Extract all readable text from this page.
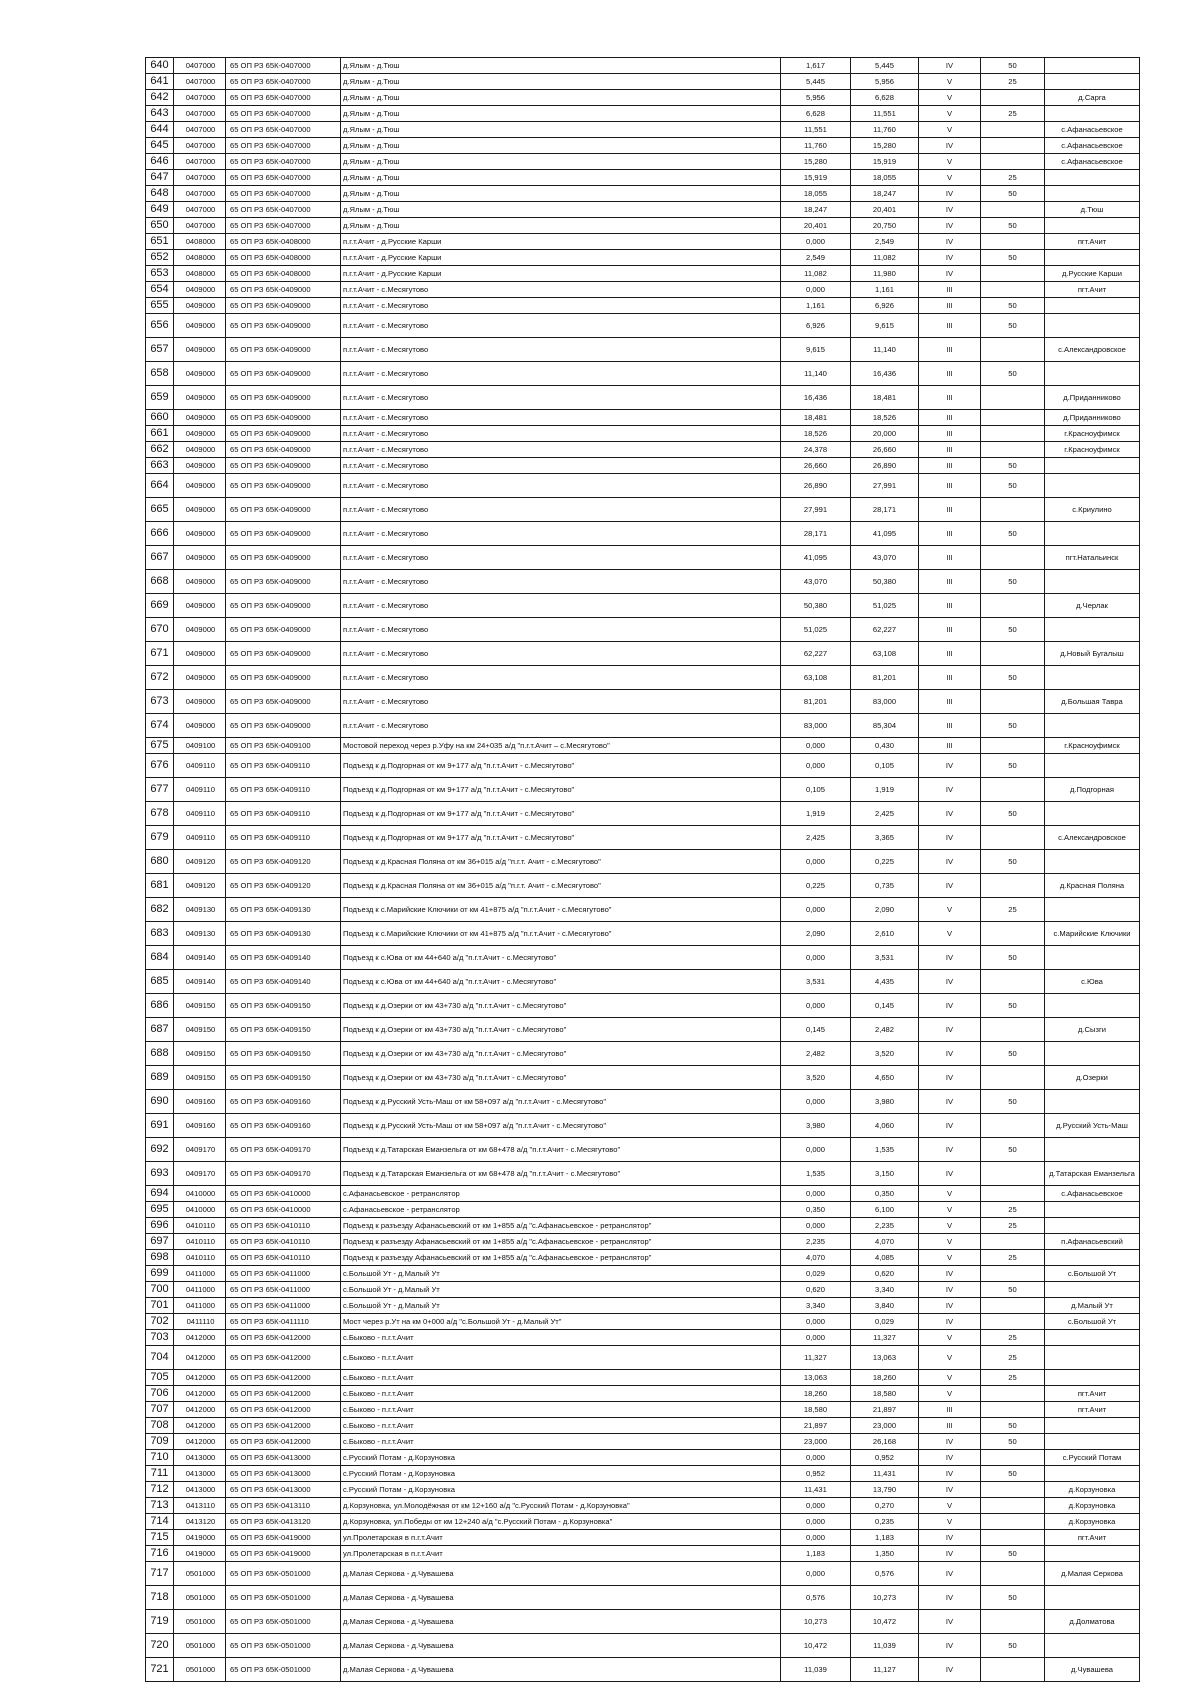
640	0407000	65 ОП РЗ 65К-0407000	д.Ялым - д.Тюш	1,617	5,445	IV	50	
641	0407000	65 ОП РЗ 65К-0407000	д.Ялым - д.Тюш	5,445	5,956	V	25	
642	0407000	65 ОП РЗ 65К-0407000	д.Ялым - д.Тюш	5,956	6,628	V		д.Сарга
643	0407000	65 ОП РЗ 65К-0407000	д.Ялым - д.Тюш	6,628	11,551	V	25	
644	0407000	65 ОП РЗ 65К-0407000	д.Ялым - д.Тюш	11,551	11,760	V		с.Афанасьевское
645	0407000	65 ОП РЗ 65К-0407000	д.Ялым - д.Тюш	11,760	15,280	IV		с.Афанасьевское
646	0407000	65 ОП РЗ 65К-0407000	д.Ялым - д.Тюш	15,280	15,919	V		с.Афанасьевское
647	0407000	65 ОП РЗ 65К-0407000	д.Ялым - д.Тюш	15,919	18,055	V	25	
648	0407000	65 ОП РЗ 65К-0407000	д.Ялым - д.Тюш	18,055	18,247	IV	50	
649	0407000	65 ОП РЗ 65К-0407000	д.Ялым - д.Тюш	18,247	20,401	IV		д.Тюш
650	0407000	65 ОП РЗ 65К-0407000	д.Ялым - д.Тюш	20,401	20,750	IV	50	
651	0408000	65 ОП РЗ 65К-0408000	п.г.т.Ачит - д.Русские Карши	0,000	2,549	IV		пгт.Ачит
652	0408000	65 ОП РЗ 65К-0408000	п.г.т.Ачит - д.Русские Карши	2,549	11,082	IV	50	
653	0408000	65 ОП РЗ 65К-0408000	п.г.т.Ачит - д.Русские Карши	11,082	11,980	IV		д.Русские Карши
654	0409000	65 ОП РЗ 65К-0409000	п.г.т.Ачит - с.Месягутово	0,000	1,161	III		пгт.Ачит
655	0409000	65 ОП РЗ 65К-0409000	п.г.т.Ачит - с.Месягутово	1,161	6,926	III	50	
656	0409000	65 ОП РЗ 65К-0409000	п.г.т.Ачит - с.Месягутово	6,926	9,615	III	50	
657	0409000	65 ОП РЗ 65К-0409000	п.г.т.Ачит - с.Месягутово	9,615	11,140	III		с.Александровское
658	0409000	65 ОП РЗ 65К-0409000	п.г.т.Ачит - с.Месягутово	11,140	16,436	III	50	
659	0409000	65 ОП РЗ 65К-0409000	п.г.т.Ачит - с.Месягутово	16,436	18,481	III		д.Приданниково
660	0409000	65 ОП РЗ 65К-0409000	п.г.т.Ачит - с.Месягутово	18,481	18,526	III		д.Приданниково
661	0409000	65 ОП РЗ 65К-0409000	п.г.т.Ачит - с.Месягутово	18,526	20,000	III		г.Красноуфимск
662	0409000	65 ОП РЗ 65К-0409000	п.г.т.Ачит - с.Месягутово	24,378	26,660	III		г.Красноуфимск
663	0409000	65 ОП РЗ 65К-0409000	п.г.т.Ачит - с.Месягутово	26,660	26,890	III	50	
664	0409000	65 ОП РЗ 65К-0409000	п.г.т.Ачит - с.Месягутово	26,890	27,991	III	50	
665	0409000	65 ОП РЗ 65К-0409000	п.г.т.Ачит - с.Месягутово	27,991	28,171	III		с.Криулино
666	0409000	65 ОП РЗ 65К-0409000	п.г.т.Ачит - с.Месягутово	28,171	41,095	III	50	
667	0409000	65 ОП РЗ 65К-0409000	п.г.т.Ачит - с.Месягутово	41,095	43,070	III		пгт.Натальинск
668	0409000	65 ОП РЗ 65К-0409000	п.г.т.Ачит - с.Месягутово	43,070	50,380	III	50	
669	0409000	65 ОП РЗ 65К-0409000	п.г.т.Ачит - с.Месягутово	50,380	51,025	III		д.Черлак
670	0409000	65 ОП РЗ 65К-0409000	п.г.т.Ачит - с.Месягутово	51,025	62,227	III	50	
671	0409000	65 ОП РЗ 65К-0409000	п.г.т.Ачит - с.Месягутово	62,227	63,108	III		д.Новый Бугалыш
672	0409000	65 ОП РЗ 65К-0409000	п.г.т.Ачит - с.Месягутово	63,108	81,201	III	50	
673	0409000	65 ОП РЗ 65К-0409000	п.г.т.Ачит - с.Месягутово	81,201	83,000	III		д.Большая Тавра
674	0409000	65 ОП РЗ 65К-0409000	п.г.т.Ачит - с.Месягутово	83,000	85,304	III	50	
675	0409100	65 ОП РЗ 65К-0409100	Мостовой переход через р.Уфу на км 24+035 а/д "п.г.т.Ачит – с.Месягутово"	0,000	0,430	III		г.Красноуфимск
676	0409110	65 ОП РЗ 65К-0409110	Подъезд к д.Подгорная от км 9+177 а/д "п.г.т.Ачит - с.Месягутово"	0,000	0,105	IV	50	
677	0409110	65 ОП РЗ 65К-0409110	Подъезд к д.Подгорная от км 9+177 а/д "п.г.т.Ачит - с.Месягутово"	0,105	1,919	IV		д.Подгорная
678	0409110	65 ОП РЗ 65К-0409110	Подъезд к д.Подгорная от км 9+177 а/д "п.г.т.Ачит - с.Месягутово"	1,919	2,425	IV	50	
679	0409110	65 ОП РЗ 65К-0409110	Подъезд к д.Подгорная от км 9+177 а/д "п.г.т.Ачит - с.Месягутово"	2,425	3,365	IV		с.Александровское
680	0409120	65 ОП РЗ 65К-0409120	Подъезд к д.Красная Поляна от км 36+015 а/д "п.г.т. Ачит - с.Месягутово"	0,000	0,225	IV	50	
681	0409120	65 ОП РЗ 65К-0409120	Подъезд к д.Красная Поляна от км 36+015 а/д "п.г.т. Ачит - с.Месягутово"	0,225	0,735	IV		д.Красная Поляна
682	0409130	65 ОП РЗ 65К-0409130	Подъезд к с.Марийские Ключики от км 41+875 а/д "п.г.т.Ачит - с.Месягутово"	0,000	2,090	V	25	
683	0409130	65 ОП РЗ 65К-0409130	Подъезд к с.Марийские Ключики от км 41+875 а/д "п.г.т.Ачит - с.Месягутово"	2,090	2,610	V		с.Марийские Ключики
684	0409140	65 ОП РЗ 65К-0409140	Подъезд к с.Юва от км 44+640 а/д "п.г.т.Ачит - с.Месягутово"	0,000	3,531	IV	50	
685	0409140	65 ОП РЗ 65К-0409140	Подъезд к с.Юва от км 44+640 а/д "п.г.т.Ачит - с.Месягутово"	3,531	4,435	IV		с.Юва
686	0409150	65 ОП РЗ 65К-0409150	Подъезд к д.Озерки от км 43+730 а/д "п.г.т.Ачит - с.Месягутово"	0,000	0,145	IV	50	
687	0409150	65 ОП РЗ 65К-0409150	Подъезд к д.Озерки от км 43+730 а/д "п.г.т.Ачит - с.Месягутово"	0,145	2,482	IV		д.Сызги
688	0409150	65 ОП РЗ 65К-0409150	Подъезд к д.Озерки от км 43+730 а/д "п.г.т.Ачит - с.Месягутово"	2,482	3,520	IV	50	
689	0409150	65 ОП РЗ 65К-0409150	Подъезд к д.Озерки от км 43+730 а/д "п.г.т.Ачит - с.Месягутово"	3,520	4,650	IV		д.Озерки
690	0409160	65 ОП РЗ 65К-0409160	Подъезд к д.Русский Усть-Маш от км 58+097 а/д "п.г.т.Ачит - с.Месягутово"	0,000	3,980	IV	50	
691	0409160	65 ОП РЗ 65К-0409160	Подъезд к д.Русский Усть-Маш от км 58+097 а/д "п.г.т.Ачит - с.Месягутово"	3,980	4,060	IV		д.Русский Усть-Маш
692	0409170	65 ОП РЗ 65К-0409170	Подъезд к д.Татарская Еманзельга от км 68+478 а/д "п.г.т.Ачит - с.Месягутово"	0,000	1,535	IV	50	
693	0409170	65 ОП РЗ 65К-0409170	Подъезд к д.Татарская Еманзельга от км 68+478 а/д "п.г.т.Ачит - с.Месягутово"	1,535	3,150	IV		д.Татарская Еманзельга
694	0410000	65 ОП РЗ 65К-0410000	с.Афанасьевское - ретранслятор	0,000	0,350	V		с.Афанасьевское
695	0410000	65 ОП РЗ 65К-0410000	с.Афанасьевское - ретранслятор	0,350	6,100	V	25	
696	0410110	65 ОП РЗ 65К-0410110	Подъезд к разъезду Афанасьевский от км 1+855 а/д "с.Афанасьевское - ретранслятор"	0,000	2,235	V	25	
697	0410110	65 ОП РЗ 65К-0410110	Подъезд к разъезду Афанасьевский от км 1+855 а/д "с.Афанасьевское - ретранслятор"	2,235	4,070	V		п.Афанасьевский
698	0410110	65 ОП РЗ 65К-0410110	Подъезд к разъезду Афанасьевский от км 1+855 а/д "с.Афанасьевское - ретранслятор"	4,070	4,085	V	25	
699	0411000	65 ОП РЗ 65К-0411000	с.Большой Ут - д.Малый Ут	0,029	0,620	IV		с.Большой Ут
700	0411000	65 ОП РЗ 65К-0411000	с.Большой Ут - д.Малый Ут	0,620	3,340	IV	50	
701	0411000	65 ОП РЗ 65К-0411000	с.Большой Ут - д.Малый Ут	3,340	3,840	IV		д.Малый Ут
702	0411110	65 ОП РЗ 65К-0411110	Мост через р.Ут на км 0+000 а/д "с.Большой Ут - д.Малый Ут"	0,000	0,029	IV		с.Большой Ут
703	0412000	65 ОП РЗ 65К-0412000	с.Быково - п.г.т.Ачит	0,000	11,327	V	25	
704	0412000	65 ОП РЗ 65К-0412000	с.Быково - п.г.т.Ачит	11,327	13,063	V	25	
705	0412000	65 ОП РЗ 65К-0412000	с.Быково - п.г.т.Ачит	13,063	18,260	V	25	
706	0412000	65 ОП РЗ 65К-0412000	с.Быково - п.г.т.Ачит	18,260	18,580	V		пгт.Ачит
707	0412000	65 ОП РЗ 65К-0412000	с.Быково - п.г.т.Ачит	18,580	21,897	III		пгт.Ачит
708	0412000	65 ОП РЗ 65К-0412000	с.Быково - п.г.т.Ачит	21,897	23,000	III	50	
709	0412000	65 ОП РЗ 65К-0412000	с.Быково - п.г.т.Ачит	23,000	26,168	IV	50	
710	0413000	65 ОП РЗ 65К-0413000	с.Русский Потам - д.Корзуновка	0,000	0,952	IV		с.Русский Потам
711	0413000	65 ОП РЗ 65К-0413000	с.Русский Потам - д.Корзуновка	0,952	11,431	IV	50	
712	0413000	65 ОП РЗ 65К-0413000	с.Русский Потам - д.Корзуновка	11,431	13,790	IV		д.Корзуновка
713	0413110	65 ОП РЗ 65К-0413110	д.Корзуновка, ул.Молодёжная от км 12+160 а/д "с.Русский Потам - д.Корзуновка"	0,000	0,270	V		д.Корзуновка
714	0413120	65 ОП РЗ 65К-0413120	д.Корзуновка, ул.Победы от км 12+240 а/д "с.Русский Потам - д.Корзуновка"	0,000	0,235	V		д.Корзуновка
715	0419000	65 ОП РЗ 65К-0419000	ул.Пролетарская в п.г.т.Ачит	0,000	1,183	IV		пгт.Ачит
716	0419000	65 ОП РЗ 65К-0419000	ул.Пролетарская в п.г.т.Ачит	1,183	1,350	IV	50	
717	0501000	65 ОП РЗ 65К-0501000	д.Малая Серкова - д.Чувашева	0,000	0,576	IV		д.Малая Серкова
718	0501000	65 ОП РЗ 65К-0501000	д.Малая Серкова - д.Чувашева	0,576	10,273	IV	50	
719	0501000	65 ОП РЗ 65К-0501000	д.Малая Серкова - д.Чувашева	10,273	10,472	IV		д.Долматова
720	0501000	65 ОП РЗ 65К-0501000	д.Малая Серкова - д.Чувашева	10,472	11,039	IV	50	
721	0501000	65 ОП РЗ 65К-0501000	д.Малая Серкова - д.Чувашева	11,039	11,127	IV		д.Чувашева
